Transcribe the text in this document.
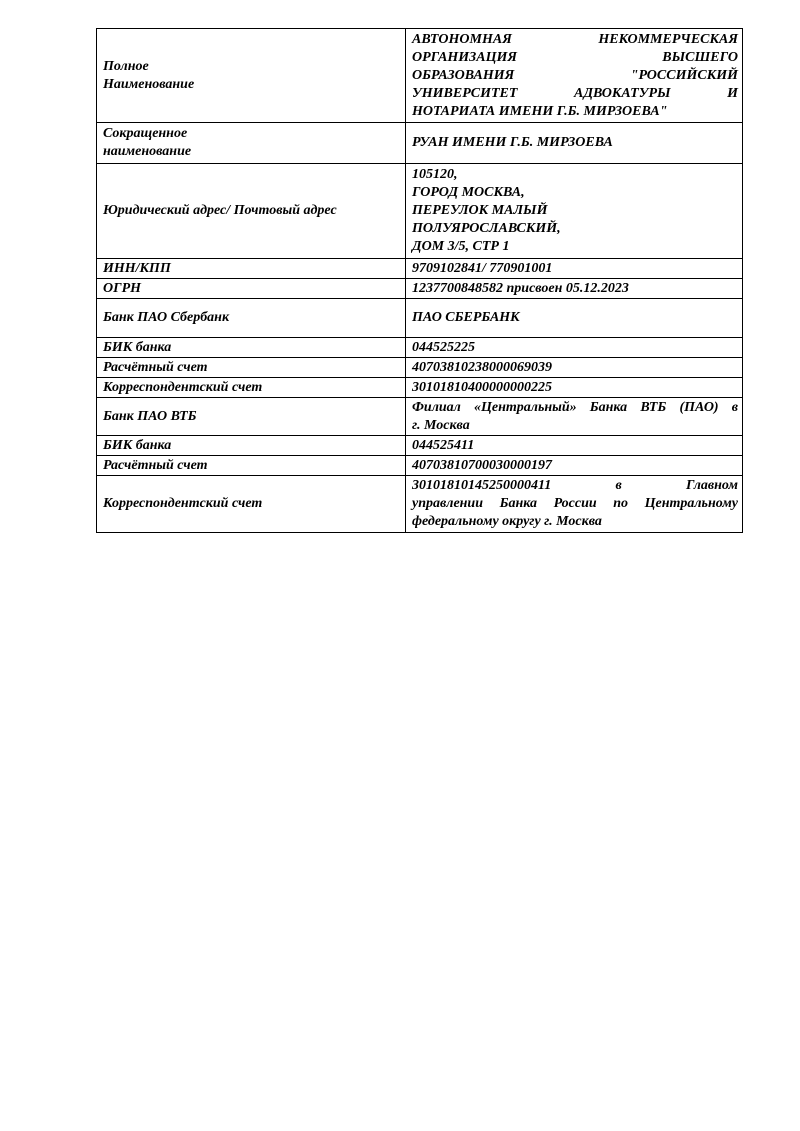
Полное
Наименование	АВТОНОМНАЯ НЕКОММЕРЧЕСКАЯ
ОРГАНИЗАЦИЯ ВЫСШЕГО
ОБРАЗОВАНИЯ "РОССИЙСКИЙ
УНИВЕРСИТЕТ АДВОКАТУРЫ И
НОТАРИАТА ИМЕНИ Г.Б. МИРЗОЕВА"

Сокращенное
наименование	РУАН ИМЕНИ Г.Б. МИРЗОЕВА
Юридический адрес/ Почтовый адрес	105120,
ГОРОД МОСКВА,
ПЕРЕУЛОК МАЛЫЙ
ПОЛУЯРОСЛАВСКИЙ,
ДОМ 3/5, СТР 1

ИНН/КПП	9709102841/ 770901001
ОГРН	1237700848582 присвоен 05.12.2023
Банк ПАО Сбербанк	ПАО СБЕРБАНК
БИК банка	044525225
Расчётный счет	40703810238000069039
Корреспондентский счет	30101810400000000225
Банк ПАО ВТБ	Филиал «Центральный» Банка ВТБ (ПАО) в
г. Москва

БИК банка	044525411
Расчётный счет	40703810700030000197
Корреспондентский счет	30101810145250000411 в Главном
управлении Банка России по Центральному
федеральному округу г. Москва
